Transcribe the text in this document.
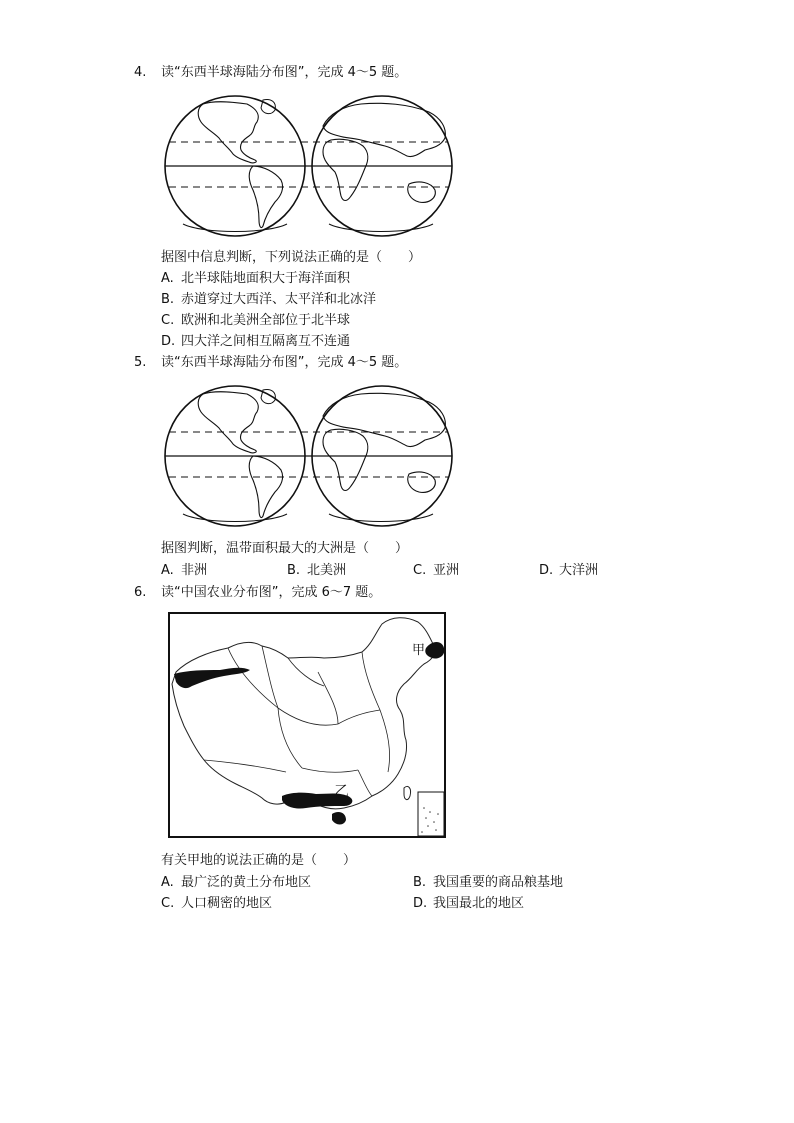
4. 读“东西半球海陆分布图”，完成 4～5 题。
据图中信息判断，下列说法正确的是（　　）
A. 北半球陆地面积大于海洋面积
B. 赤道穿过大西洋、太平洋和北冰洋
C. 欧洲和北美洲全部位于北半球
D. 四大洋之间相互隔离互不连通
5. 读“东西半球海陆分布图”，完成 4～5 题。
据图判断，温带面积最大的大洲是（　　）
A. 非洲	B. 北美洲	C. 亚洲	D. 大洋洲
6. 读“中国农业分布图”，完成 6～7 题。
甲
乙
有关甲地的说法正确的是（　　）
A. 最广泛的黄土分布地区	B. 我国重要的商品粮基地
C. 人口稠密的地区	D. 我国最北的地区
